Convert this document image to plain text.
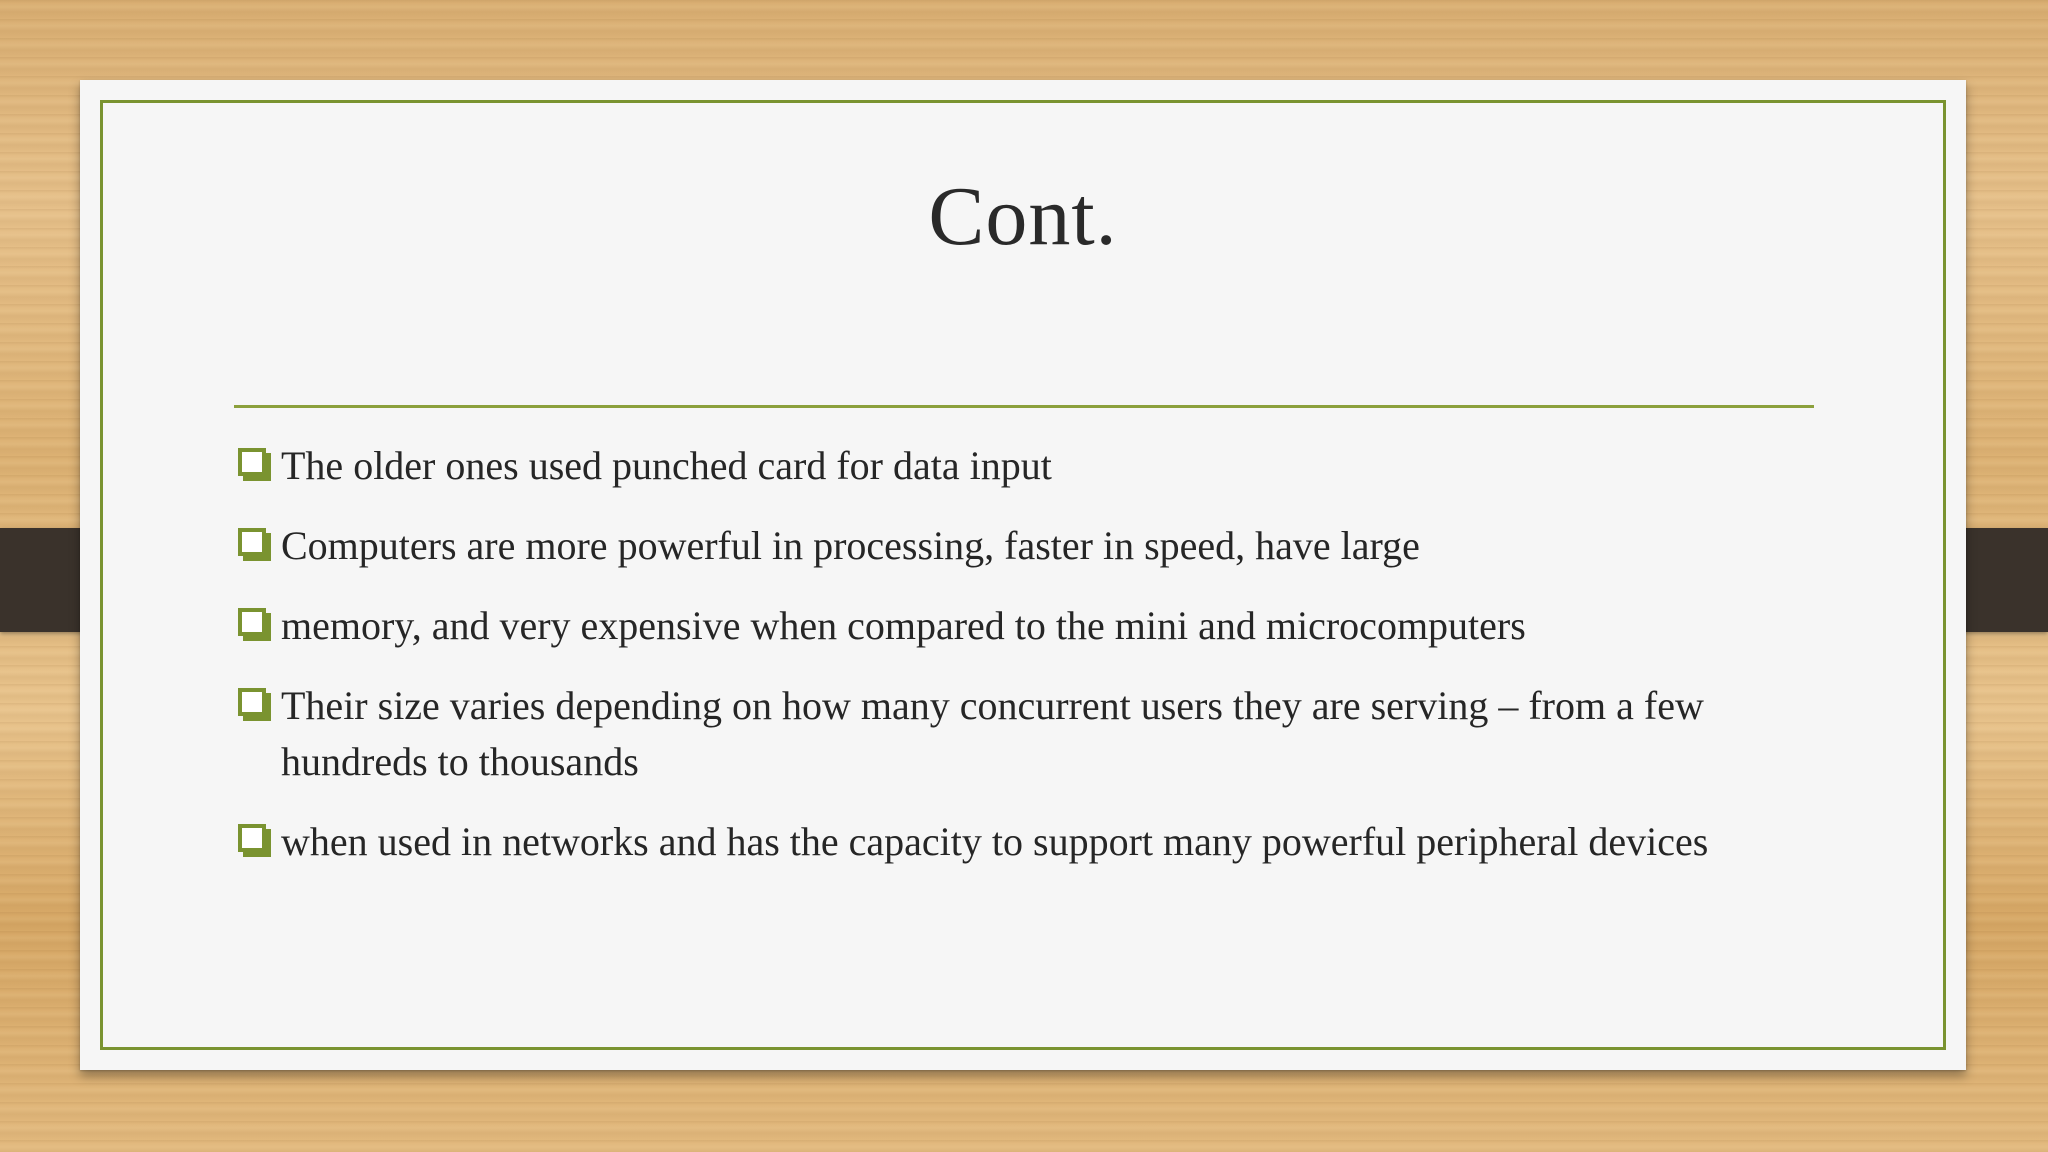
Cont.
The older ones used punched card for data input
Computers are more powerful in processing, faster in speed, have large
memory, and very expensive when compared to the mini and microcomputers
Their size varies depending on how many concurrent users they are serving – from a few hundreds to thousands
when used in networks and has the capacity to support many powerful peripheral devices
